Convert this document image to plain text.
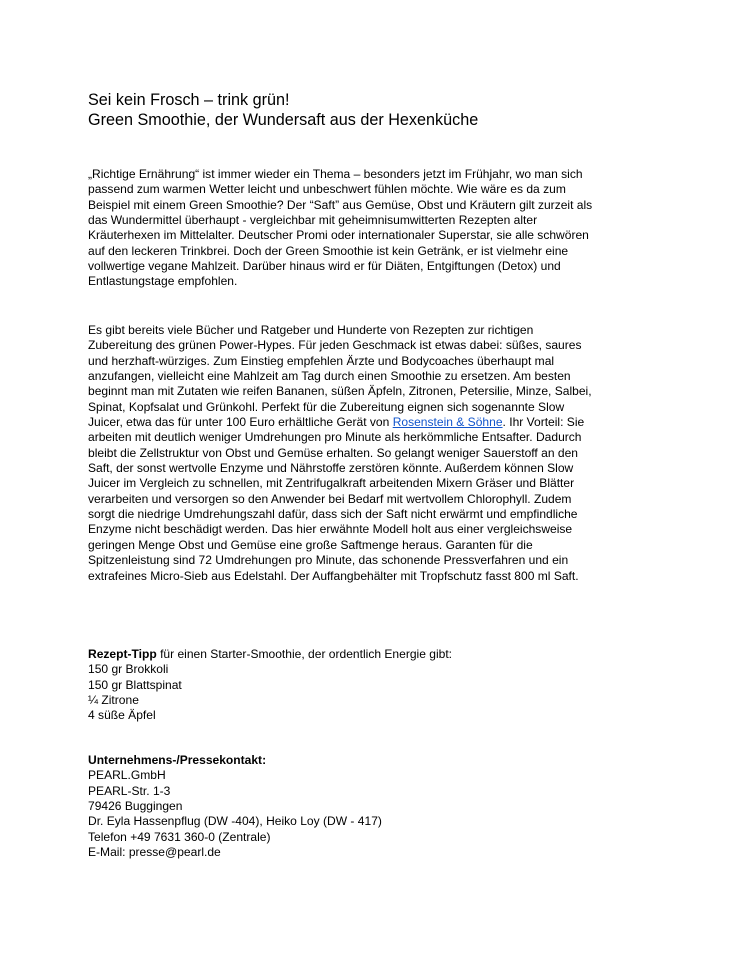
Sei kein Frosch – trink grün!
Green Smoothie, der Wundersaft aus der Hexenküche
„Richtige Ernährung“ ist immer wieder ein Thema – besonders jetzt im Frühjahr, wo man sich
passend zum warmen Wetter leicht und unbeschwert fühlen möchte. Wie wäre es da zum
Beispiel mit einem Green Smoothie? Der “Saft” aus Gemüse, Obst und Kräutern gilt zurzeit als
das Wundermittel überhaupt - vergleichbar mit geheimnisumwitterten Rezepten alter
Kräuterhexen im Mittelalter. Deutscher Promi oder internationaler Superstar, sie alle schwören
auf den leckeren Trinkbrei. Doch der Green Smoothie ist kein Getränk, er ist vielmehr eine
vollwertige vegane Mahlzeit. Darüber hinaus wird er für Diäten, Entgiftungen (Detox) und
Entlastungstage empfohlen.
Es gibt bereits viele Bücher und Ratgeber und Hunderte von Rezepten zur richtigen
Zubereitung des grünen Power-Hypes. Für jeden Geschmack ist etwas dabei: süßes, saures
und herzhaft-würziges. Zum Einstieg empfehlen Ärzte und Bodycoaches überhaupt mal
anzufangen, vielleicht eine Mahlzeit am Tag durch einen Smoothie zu ersetzen. Am besten
beginnt man mit Zutaten wie reifen Bananen, süßen Äpfeln, Zitronen, Petersilie, Minze, Salbei,
Spinat, Kopfsalat und Grünkohl. Perfekt für die Zubereitung eignen sich sogenannte Slow
Juicer, etwa das für unter 100 Euro erhältliche Gerät von Rosenstein & Söhne. Ihr Vorteil: Sie
arbeiten mit deutlich weniger Umdrehungen pro Minute als herkömmliche Entsafter. Dadurch
bleibt die Zellstruktur von Obst und Gemüse erhalten. So gelangt weniger Sauerstoff an den
Saft, der sonst wertvolle Enzyme und Nährstoffe zerstören könnte. Außerdem können Slow
Juicer im Vergleich zu schnellen, mit Zentrifugalkraft arbeitenden Mixern Gräser und Blätter
verarbeiten und versorgen so den Anwender bei Bedarf mit wertvollem Chlorophyll. Zudem
sorgt die niedrige Umdrehungszahl dafür, dass sich der Saft nicht erwärmt und empfindliche
Enzyme nicht beschädigt werden. Das hier erwähnte Modell holt aus einer vergleichsweise
geringen Menge Obst und Gemüse eine große Saftmenge heraus. Garanten für die
Spitzenleistung sind 72 Umdrehungen pro Minute, das schonende Pressverfahren und ein
extrafeines Micro-Sieb aus Edelstahl. Der Auffangbehälter mit Tropfschutz fasst 800 ml Saft.
Rezept-Tipp für einen Starter-Smoothie, der ordentlich Energie gibt:
150 gr Brokkoli
150 gr Blattspinat
¼ Zitrone
4 süße Äpfel
Unternehmens-/Pressekontakt:
PEARL.GmbH
PEARL-Str. 1-3
79426 Buggingen
Dr. Eyla Hassenpflug (DW -404), Heiko Loy (DW - 417)
Telefon +49 7631 360-0 (Zentrale)
E-Mail: presse@pearl.de
